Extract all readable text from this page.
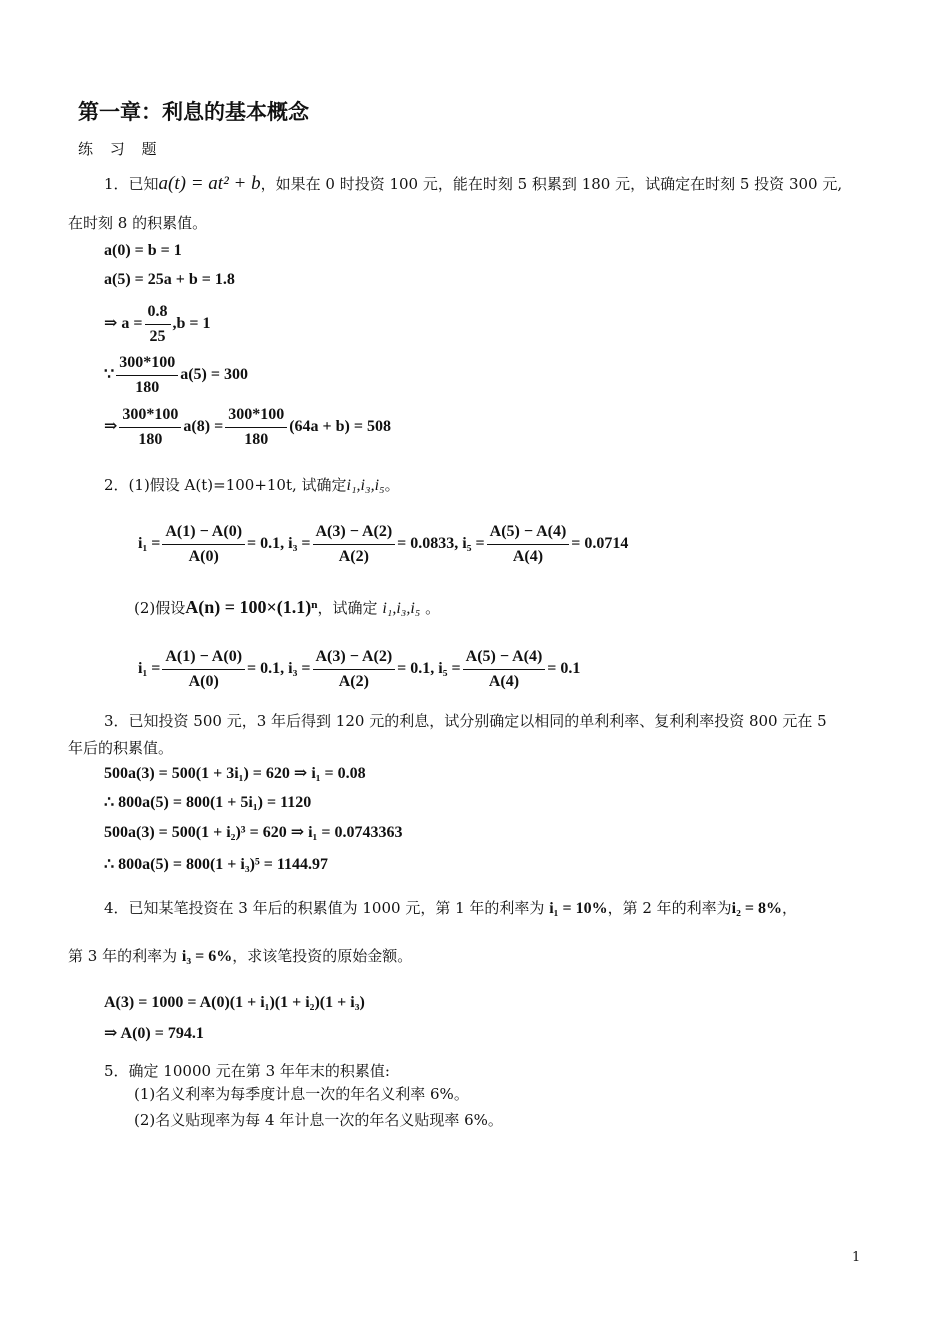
第一章：利息的基本概念
练 习 题
1．已知a(t) = at² + b，如果在 0 时投资 100 元，能在时刻 5 积累到 180 元，试确定在时刻 5 投资 300 元,
在时刻 8 的积累值。
a(0) = b = 1
a(5) = 25a + b = 1.8
⇒ $a = \frac{0.8}{25} ,b = 1$
∵ $\frac{300*100}{180} a(5) = 300$
⇒ $\frac{300*100}{180} a(8) = \frac{300*100}{180} (64a + b) = 508$
2．(1)假设 A(t)=100+10t, 试确定i₁,i₃,i₅。
$i_1 = \frac{A(1) - A(0)}{A(0)} = 0.1$, $i_3 = \frac{A(3) - A(2)}{A(2)} = 0.0833$, $i_5 = \frac{A(5) - A(4)}{A(4)} = 0.0714$
(2)假设A(n) = 100×(1.1)ⁿ，试确定 i₁,i₃,i₅ 。
$i_1 = \frac{A(1) - A(0)}{A(0)} = 0.1$, $i_3 = \frac{A(3) - A(2)}{A(2)} = 0.1$, $i_5 = \frac{A(5) - A(4)}{A(4)} = 0.1$
3．已知投资 500 元，3 年后得到 120 元的利息，试分别确定以相同的单利利率、复利利率投资 800 元在 5
年后的积累值。
500a(3) = 500(1 + 3i₁) = 620 ⇒ i₁ = 0.08
∴ 800a(5) = 800(1 + 5i₁) = 1120
500a(3) = 500(1 + i₂)³ = 620 ⇒ i₁ = 0.0743363
∴ 800a(5) = 800(1 + i₃)⁵ = 1144.97
4．已知某笔投资在 3 年后的积累值为 1000 元，第 1 年的利率为 i₁ = 10%，第 2 年的利率为i₂ = 8%，
第 3 年的利率为 i₃ = 6%，求该笔投资的原始金额。
A(3) = 1000 = A(0)(1 + i₁)(1 + i₂)(1 + i₃)
⇒ A(0) = 794.1
5．确定 10000 元在第 3 年年末的积累值:
(1)名义利率为每季度计息一次的年名义利率 6%。
(2)名义贴现率为每 4 年计息一次的年名义贴现率 6%。
1
